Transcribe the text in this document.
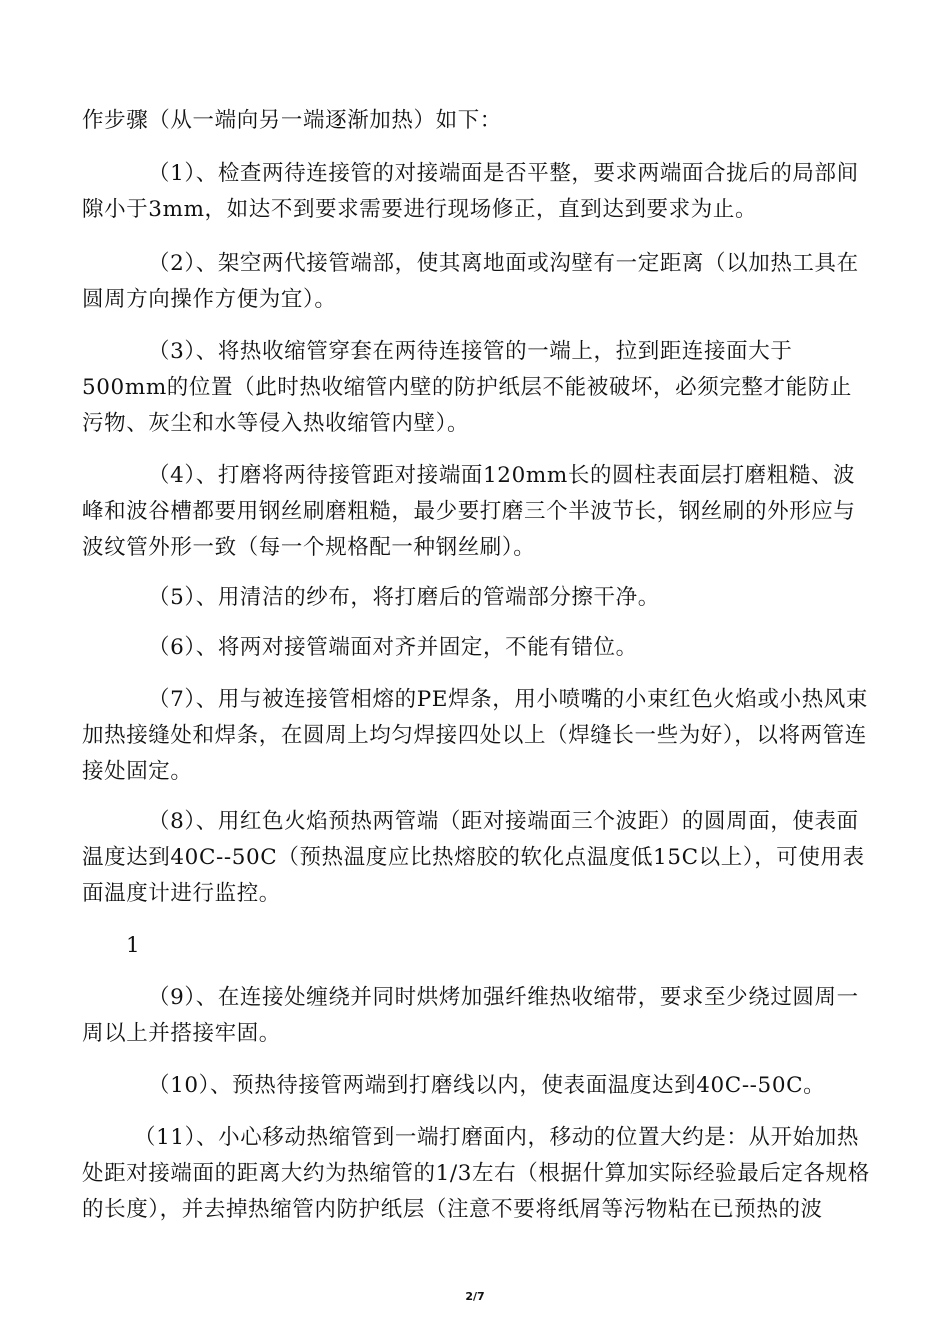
作步骤（从一端向另一端逐渐加热）如下：

（1）、检查两待连接管的对接端面是否平整，要求两端面合拢后的局部间隙小于3mm，如达不到要求需要进行现场修正，直到达到要求为止。

（2）、架空两代接管端部，使其离地面或沟壁有一定距离（以加热工具在圆周方向操作方便为宜）。

（3）、将热收缩管穿套在两待连接管的一端上，拉到距连接面大于500mm的位置（此时热收缩管内壁的防护纸层不能被破坏，必须完整才能防止污物、灰尘和水等侵入热收缩管内壁）。

（4）、打磨将两待接管距对接端面120mm长的圆柱表面层打磨粗糙、波峰和波谷槽都要用钢丝刷磨粗糙，最少要打磨三个半波节长，钢丝刷的外形应与波纹管外形一致（每一个规格配一种钢丝刷）。

（5）、用清洁的纱布，将打磨后的管端部分擦干净。

（6）、将两对接管端面对齐并固定，不能有错位。

（7）、用与被连接管相熔的PE焊条，用小喷嘴的小束红色火焰或小热风束加热接缝处和焊条，在圆周上均匀焊接四处以上（焊缝长一些为好），以将两管连接处固定。

（8）、用红色火焰预热两管端（距对接端面三个波距）的圆周面，使表面温度达到40C--50C（预热温度应比热熔胶的软化点温度低15C以上），可使用表面温度计进行监控。

1

（9）、在连接处缠绕并同时烘烤加强纤维热收缩带，要求至少绕过圆周一周以上并搭接牢固。

（10）、预热待接管两端到打磨线以内，使表面温度达到40C--50C。

（11）、小心移动热缩管到一端打磨面内，移动的位置大约是：从开始加热处距对接端面的距离大约为热缩管的1/3左右（根据什算加实际经验最后定各规格的长度），并去掉热缩管内防护纸层（注意不要将纸屑等污物粘在已预热的波

2/7
